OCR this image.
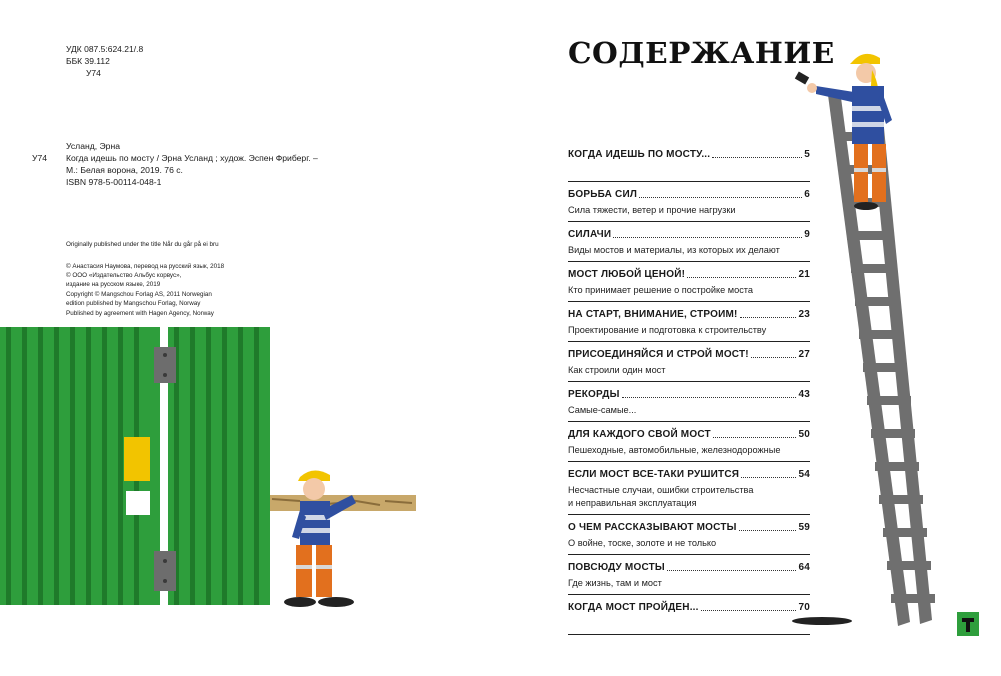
УДК 087.5:624.21/.8
ББК 39.112
У74
У74
Усланд, Эрна
Когда идешь по мосту / Эрна Усланд ; худож. Эспен Фриберг. –
М.: Белая ворона, 2019. 76 с.
ISBN 978-5-00114-048-1
Originally published under the title Når du går på ei bru
© Анастасия Наумова, перевод на русский язык, 2018
© ООО «Издательство Альбус корвус»,
издание на русском языке, 2019
Copyright © Mangschou Forlag AS, 2011 Norwegian
edition published by Mangschou Forlag, Norway
Published by agreement with Hagen Agency, Norway
СОДЕРЖАНИЕ
КОГДА ИДЕШЬ ПО МОСТУ...	5
БОРЬБА СИЛ	6
Сила тяжести, ветер и прочие нагрузки
СИЛАЧИ	9
Виды мостов и материалы, из которых их делают
МОСТ ЛЮБОЙ ЦЕНОЙ!	21
Кто принимает решение о постройке моста
НА СТАРТ, ВНИМАНИЕ, СТРОИМ!	23
Проектирование и подготовка к строительству
ПРИСОЕДИНЯЙСЯ И СТРОЙ МОСТ!	27
Как строили один мост
РЕКОРДЫ	43
Самые-самые...
ДЛЯ КАЖДОГО СВОЙ МОСТ	50
Пешеходные, автомобильные, железнодорожные
ЕСЛИ МОСТ ВСЕ-ТАКИ РУШИТСЯ	54
Несчастные случаи, ошибки строительства
и неправильная эксплуатация
О ЧЕМ РАССКАЗЫВАЮТ МОСТЫ	59
О войне, тоске, золоте и не только
ПОВСЮДУ МОСТЫ	64
Где жизнь, там и мост
КОГДА МОСТ ПРОЙДЕН...	70
